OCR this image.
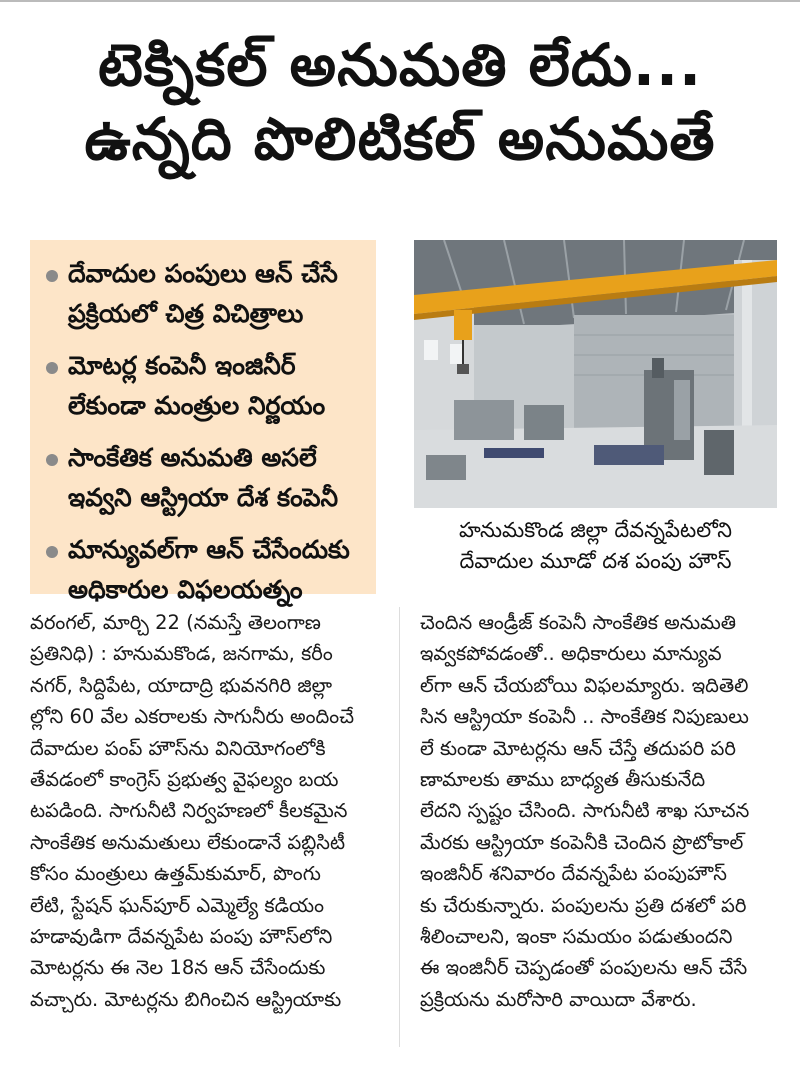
టెక్నికల్ అనుమతి లేదు...
ఉన్నది పొలిటికల్ అనుమతే
దేవాదుల పంపులు ఆన్ చేసే
ప్రక్రియలో చిత్ర విచిత్రాలు
మోటర్ల కంపెనీ ఇంజినీర్
లేకుండా మంత్రుల నిర్ణయం
సాంకేతిక అనుమతి అసలే
ఇవ్వని ఆస్ట్రియా దేశ కంపెనీ
మాన్యువల్‌గా ఆన్ చేసేందుకు
అధికారుల విఫలయత్నం
హనుమకొండ జిల్లా దేవన్నపేటలోని
దేవాదుల మూడో దశ పంపు హౌస్
వరంగల్, మార్చి 22 (నమస్తే తెలంగాణ
ప్రతినిధి) : హనుమకొండ, జనగామ, కరీం
నగర్, సిద్దిపేట, యాదాద్రి భువనగిరి జిల్లా
ల్లోని 60 వేల ఎకరాలకు సాగునీరు అందించే
దేవాదుల పంప్ హౌస్‌ను వినియోగంలోకి
తేవడంలో కాంగ్రెస్ ప్రభుత్వ వైఫల్యం బయ
టపడింది. సాగునీటి నిర్వహణలో కీలకమైన
సాంకేతిక అనుమతులు లేకుండానే పబ్లిసిటీ
కోసం మంత్రులు ఉత్తమ్‌కుమార్, పొంగు
లేటి, స్టేషన్ ఘన్‌పూర్ ఎమ్మెల్యే కడియం
హడావుడిగా దేవన్నపేట పంపు హౌస్‌లోని
మోటర్లను ఈ నెల 18న ఆన్ చేసేందుకు
వచ్చారు. మోటర్లను బిగించిన ఆస్ట్రియాకు
చెందిన ఆండ్రీజ్ కంపెనీ సాంకేతిక అనుమతి
ఇవ్వకపోవడంతో.. అధికారులు మాన్యువ
ల్‌గా ఆన్ చేయబోయి విఫలమ్యారు. ఇదితెలి
సిన ఆస్ట్రియా కంపెనీ .. సాంకేతిక నిపుణులు
లే కుండా మోటర్లను ఆన్ చేస్తే తదుపరి పరి
ణామాలకు తాము బాధ్యత తీసుకునేది
లేదని స్పష్టం చేసింది. సాగునీటి శాఖ సూచన
మేరకు ఆస్ట్రియా కంపెనీకి చెందిన ప్రొటోకాల్
ఇంజినీర్ శనివారం దేవన్నపేట పంపుహౌస్
కు చేరుకున్నారు. పంపులను ప్రతి దశలో పరి
శీలించాలని, ఇంకా సమయం పడుతుందని
ఈ ఇంజినీర్ చెప్పడంతో పంపులను ఆన్ చేసే
ప్రక్రియను మరోసారి వాయిదా వేశారు.
